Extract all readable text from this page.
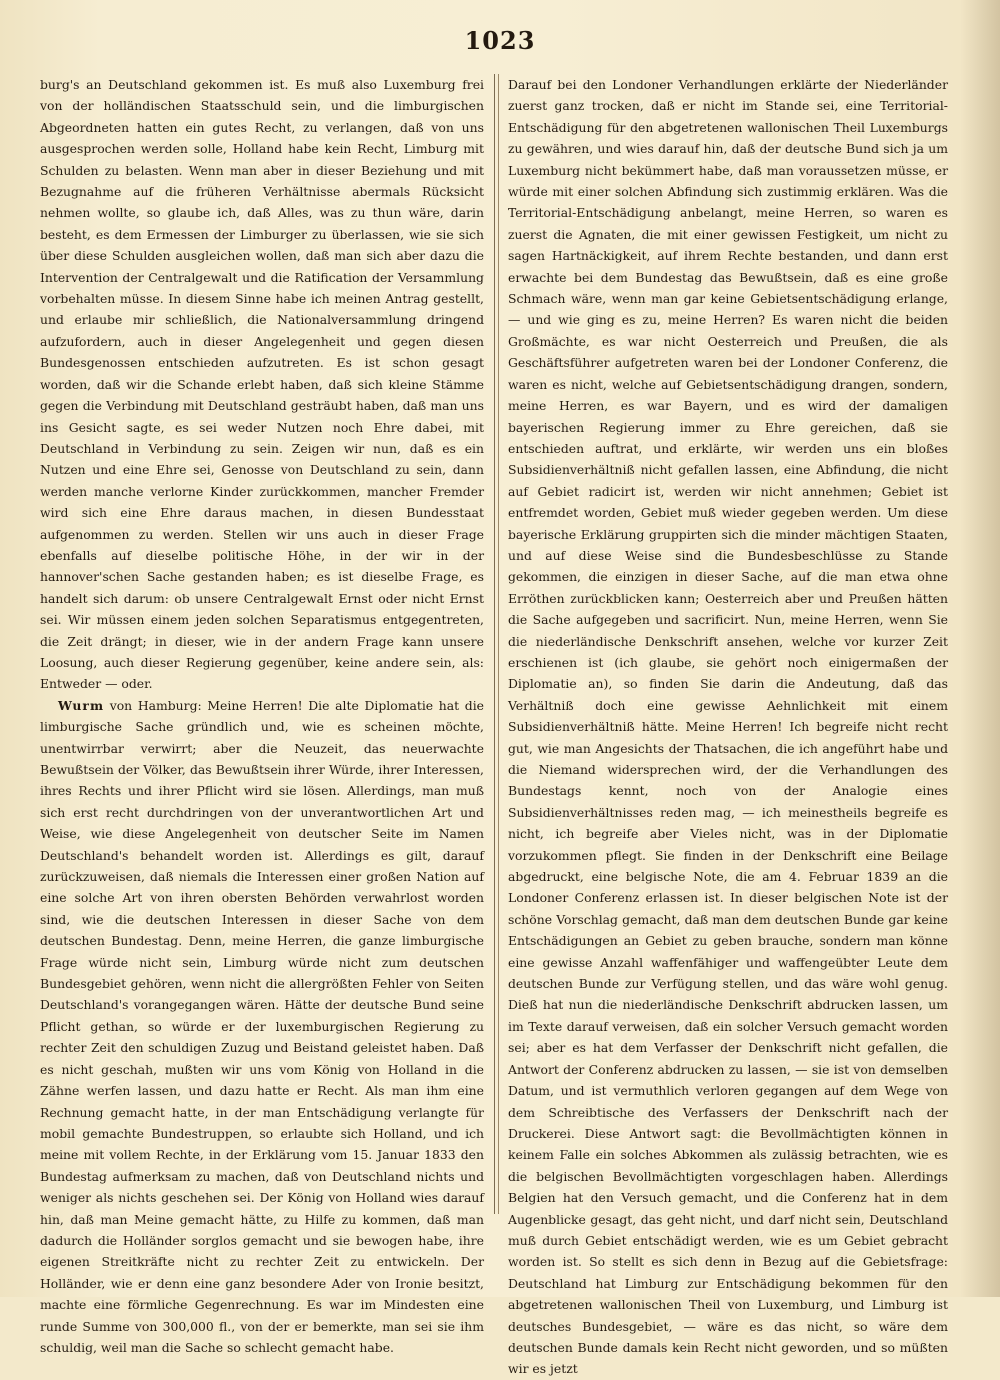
1023

burg's an Deutschland gekommen ist. Es muß also Luxemburg frei von der holländischen Staatsschuld sein, und die limburgischen Abgeordneten hatten ein gutes Recht, zu verlangen, daß von uns ausgesprochen werden solle, Holland habe kein Recht, Limburg mit Schulden zu belasten. Wenn man aber in dieser Beziehung und mit Bezugnahme auf die früheren Verhältnisse abermals Rücksicht nehmen wollte, so glaube ich, daß Alles, was zu thun wäre, darin besteht, es dem Ermessen der Limburger zu überlassen, wie sie sich über diese Schulden ausgleichen wollen, daß man sich aber dazu die Intervention der Centralgewalt und die Ratification der Versammlung vorbehalten müsse. In diesem Sinne habe ich meinen Antrag gestellt, und erlaube mir schließlich, die Nationalversammlung dringend aufzufordern, auch in dieser Angelegenheit und gegen diesen Bundesgenossen entschieden aufzutreten. Es ist schon gesagt worden, daß wir die Schande erlebt haben, daß sich kleine Stämme gegen die Verbindung mit Deutschland gesträubt haben, daß man uns ins Gesicht sagte, es sei weder Nutzen noch Ehre dabei, mit Deutschland in Verbindung zu sein. Zeigen wir nun, daß es ein Nutzen und eine Ehre sei, Genosse von Deutschland zu sein, dann werden manche verlorne Kinder zurückkommen, mancher Fremder wird sich eine Ehre daraus machen, in diesen Bundesstaat aufgenommen zu werden. Stellen wir uns auch in dieser Frage ebenfalls auf dieselbe politische Höhe, in der wir in der hannover'schen Sache gestanden haben; es ist dieselbe Frage, es handelt sich darum: ob unsere Centralgewalt Ernst oder nicht Ernst sei. Wir müssen einem jeden solchen Separatismus entgegentreten, die Zeit drängt; in dieser, wie in der andern Frage kann unsere Loosung, auch dieser Regierung gegenüber, keine andere sein, als: Entweder — oder.

Wurm von Hamburg: Meine Herren! Die alte Diplomatie hat die limburgische Sache gründlich und, wie es scheinen möchte, unentwirrbar verwirrt; aber die Neuzeit, das neuerwachte Bewußtsein der Völker, das Bewußtsein ihrer Würde, ihrer Interessen, ihres Rechts und ihrer Pflicht wird sie lösen. Allerdings, man muß sich erst recht durchdringen von der unverantwortlichen Art und Weise, wie diese Angelegenheit von deutscher Seite im Namen Deutschland's behandelt worden ist. Allerdings es gilt, darauf zurückzuweisen, daß niemals die Interessen einer großen Nation auf eine solche Art von ihren obersten Behörden verwahrlost worden sind, wie die deutschen Interessen in dieser Sache von dem deutschen Bundestag. Denn, meine Herren, die ganze limburgische Frage würde nicht sein, Limburg würde nicht zum deutschen Bundesgebiet gehören, wenn nicht die allergrößten Fehler von Seiten Deutschland's vorangegangen wären. Hätte der deutsche Bund seine Pflicht gethan, so würde er der luxemburgischen Regierung zu rechter Zeit den schuldigen Zuzug und Beistand geleistet haben. Daß es nicht geschah, mußten wir uns vom König von Holland in die Zähne werfen lassen, und dazu hatte er Recht. Als man ihm eine Rechnung gemacht hatte, in der man Entschädigung verlangte für mobil gemachte Bundestruppen, so erlaubte sich Holland, und ich meine mit vollem Rechte, in der Erklärung vom 15. Januar 1833 den Bundestag aufmerksam zu machen, daß von Deutschland nichts und weniger als nichts geschehen sei. Der König von Holland wies darauf hin, daß man Meine gemacht hätte, zu Hilfe zu kommen, daß man dadurch die Holländer sorglos gemacht und sie bewogen habe, ihre eigenen Streitkräfte nicht zu rechter Zeit zu entwickeln. Der Holländer, wie er denn eine ganz besondere Ader von Ironie besitzt, machte eine förmliche Gegenrechnung. Es war im Mindesten eine runde Summe von 300,000 fl., von der er bemerkte, man sei sie ihm schuldig, weil man die Sache so schlecht gemacht habe.

Darauf bei den Londoner Verhandlungen erklärte der Niederländer zuerst ganz trocken, daß er nicht im Stande sei, eine Territorial-Entschädigung für den abgetretenen wallonischen Theil Luxemburgs zu gewähren, und wies darauf hin, daß der deutsche Bund sich ja um Luxemburg nicht bekümmert habe, daß man voraussetzen müsse, er würde mit einer solchen Abfindung sich zustimmig erklären. Was die Territorial-Entschädigung anbelangt, meine Herren, so waren es zuerst die Agnaten, die mit einer gewissen Festigkeit, um nicht zu sagen Hartnäckigkeit, auf ihrem Rechte bestanden, und dann erst erwachte bei dem Bundestag das Bewußtsein, daß es eine große Schmach wäre, wenn man gar keine Gebietsentschädigung erlange, — und wie ging es zu, meine Herren? Es waren nicht die beiden Großmächte, es war nicht Oesterreich und Preußen, die als Geschäftsführer aufgetreten waren bei der Londoner Conferenz, die waren es nicht, welche auf Gebietsentschädigung drangen, sondern, meine Herren, es war Bayern, und es wird der damaligen bayerischen Regierung immer zu Ehre gereichen, daß sie entschieden auftrat, und erklärte, wir werden uns ein bloßes Subsidienverhältniß nicht gefallen lassen, eine Abfindung, die nicht auf Gebiet radicirt ist, werden wir nicht annehmen; Gebiet ist entfremdet worden, Gebiet muß wieder gegeben werden. Um diese bayerische Erklärung gruppirten sich die minder mächtigen Staaten, und auf diese Weise sind die Bundesbeschlüsse zu Stande gekommen, die einzigen in dieser Sache, auf die man etwa ohne Erröthen zurückblicken kann; Oesterreich aber und Preußen hätten die Sache aufgegeben und sacrificirt. Nun, meine Herren, wenn Sie die niederländische Denkschrift ansehen, welche vor kurzer Zeit erschienen ist (ich glaube, sie gehört noch einigermaßen der Diplomatie an), so finden Sie darin die Andeutung, daß das Verhältniß doch eine gewisse Aehnlichkeit mit einem Subsidienverhältniß hätte. Meine Herren! Ich begreife nicht recht gut, wie man Angesichts der Thatsachen, die ich angeführt habe und die Niemand widersprechen wird, der die Verhandlungen des Bundestags kennt, noch von der Analogie eines Subsidienverhältnisses reden mag, — ich meinestheils begreife es nicht, ich begreife aber Vieles nicht, was in der Diplomatie vorzukommen pflegt. Sie finden in der Denkschrift eine Beilage abgedruckt, eine belgische Note, die am 4. Februar 1839 an die Londoner Conferenz erlassen ist. In dieser belgischen Note ist der schöne Vorschlag gemacht, daß man dem deutschen Bunde gar keine Entschädigungen an Gebiet zu geben brauche, sondern man könne eine gewisse Anzahl waffenfähiger und waffengeübter Leute dem deutschen Bunde zur Verfügung stellen, und das wäre wohl genug. Dieß hat nun die niederländische Denkschrift abdrucken lassen, um im Texte darauf verweisen, daß ein solcher Versuch gemacht worden sei; aber es hat dem Verfasser der Denkschrift nicht gefallen, die Antwort der Conferenz abdrucken zu lassen, — sie ist von demselben Datum, und ist vermuthlich verloren gegangen auf dem Wege von dem Schreibtische des Verfassers der Denkschrift nach der Druckerei. Diese Antwort sagt: die Bevollmächtigten können in keinem Falle ein solches Abkommen als zulässig betrachten, wie es die belgischen Bevollmächtigten vorgeschlagen haben. Allerdings Belgien hat den Versuch gemacht, und die Conferenz hat in dem Augenblicke gesagt, das geht nicht, und darf nicht sein, Deutschland muß durch Gebiet entschädigt werden, wie es um Gebiet gebracht worden ist. So stellt es sich denn in Bezug auf die Gebietsfrage: Deutschland hat Limburg zur Entschädigung bekommen für den abgetretenen wallonischen Theil von Luxemburg, und Limburg ist deutsches Bundesgebiet, — wäre es das nicht, so wäre dem deutschen Bunde damals kein Recht nicht geworden, und so müßten wir es jetzt
